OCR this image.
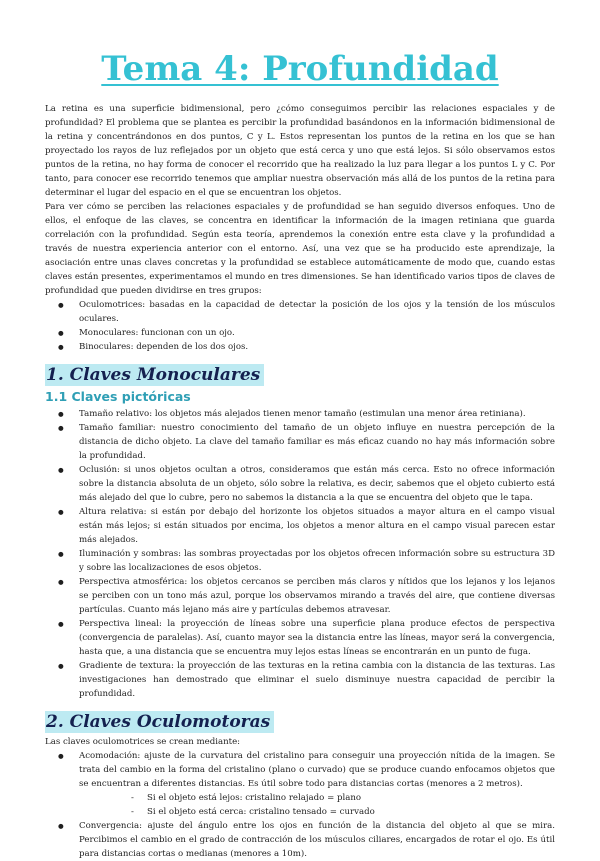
Tema 4: Profundidad

La retina es una superficie bidimensional, pero ¿cómo conseguimos percibir las relaciones espaciales y de profundidad? El problema que se plantea es percibir la profundidad basándonos en la información bidimensional de la retina y concentrándonos en dos puntos, C y L. Estos representan los puntos de la retina en los que se han proyectado los rayos de luz reflejados por un objeto que está cerca y uno que está lejos. Si sólo observamos estos puntos de la retina, no hay forma de conocer el recorrido que ha realizado la luz para llegar a los puntos L y C. Por tanto, para conocer ese recorrido tenemos que ampliar nuestra observación más allá de los puntos de la retina para determinar el lugar del espacio en el que se encuentran los objetos.

Para ver cómo se perciben las relaciones espaciales y de profundidad se han seguido diversos enfoques. Uno de ellos, el enfoque de las claves, se concentra en identificar la información de la imagen retiniana que guarda correlación con la profundidad. Según esta teoría, aprendemos la conexión entre esta clave y la profundidad a través de nuestra experiencia anterior con el entorno. Así, una vez que se ha producido este aprendizaje, la asociación entre unas claves concretas y la profundidad se establece automáticamente de modo que, cuando estas claves están presentes, experimentamos el mundo en tres dimensiones. Se han identificado varios tipos de claves de profundidad que pueden dividirse en tres grupos:

● Oculomotrices: basadas en la capacidad de detectar la posición de los ojos y la tensión de los músculos oculares.
● Monoculares: funcionan con un ojo.
● Binoculares: dependen de los dos ojos.
1. Claves Monoculares
1.1 Claves pictóricas
● Tamaño relativo: los objetos más alejados tienen menor tamaño (estimulan una menor área retiniana).
● Tamaño familiar: nuestro conocimiento del tamaño de un objeto influye en nuestra percepción de la distancia de dicho objeto. La clave del tamaño familiar es más eficaz cuando no hay más información sobre la profundidad.
● Oclusión: si unos objetos ocultan a otros, consideramos que están más cerca. Esto no ofrece información sobre la distancia absoluta de un objeto, sólo sobre la relativa, es decir, sabemos que el objeto cubierto está más alejado del que lo cubre, pero no sabemos la distancia a la que se encuentra del objeto que le tapa.
● Altura relativa: si están por debajo del horizonte los objetos situados a mayor altura en el campo visual están más lejos; si están situados por encima, los objetos a menor altura en el campo visual parecen estar más alejados.
● Iluminación y sombras: las sombras proyectadas por los objetos ofrecen información sobre su estructura 3D y sobre las localizaciones de esos objetos.
● Perspectiva atmosférica: los objetos cercanos se perciben más claros y nítidos que los lejanos y los lejanos se perciben con un tono más azul, porque los observamos mirando a través del aire, que contiene diversas partículas. Cuanto más lejano más aire y partículas debemos atravesar.
● Perspectiva lineal: la proyección de líneas sobre una superficie plana produce efectos de perspectiva (convergencia de paralelas). Así, cuanto mayor sea la distancia entre las líneas, mayor será la convergencia, hasta que, a una distancia que se encuentra muy lejos estas líneas se encontrarán en un punto de fuga.
● Gradiente de textura: la proyección de las texturas en la retina cambia con la distancia de las texturas. Las investigaciones han demostrado que eliminar el suelo disminuye nuestra capacidad de percibir la profundidad.
2. Claves Oculomotoras

Las claves oculomotrices se crean mediante:

● Acomodación: ajuste de la curvatura del cristalino para conseguir una proyección nítida de la imagen. Se trata del cambio en la forma del cristalino (plano o curvado) que se produce cuando enfocamos objetos que se encuentran a diferentes distancias. Es útil sobre todo para distancias cortas (menores a 2 metros).
- Si el objeto está lejos: cristalino relajado = plano
- Si el objeto está cerca: cristalino tensado = curvado
● Convergencia: ajuste del ángulo entre los ojos en función de la distancia del objeto al que se mira. Percibimos el cambio en el grado de contracción de los músculos ciliares, encargados de rotar el ojo. Es útil para distancias cortas o medianas (menores a 10m).
